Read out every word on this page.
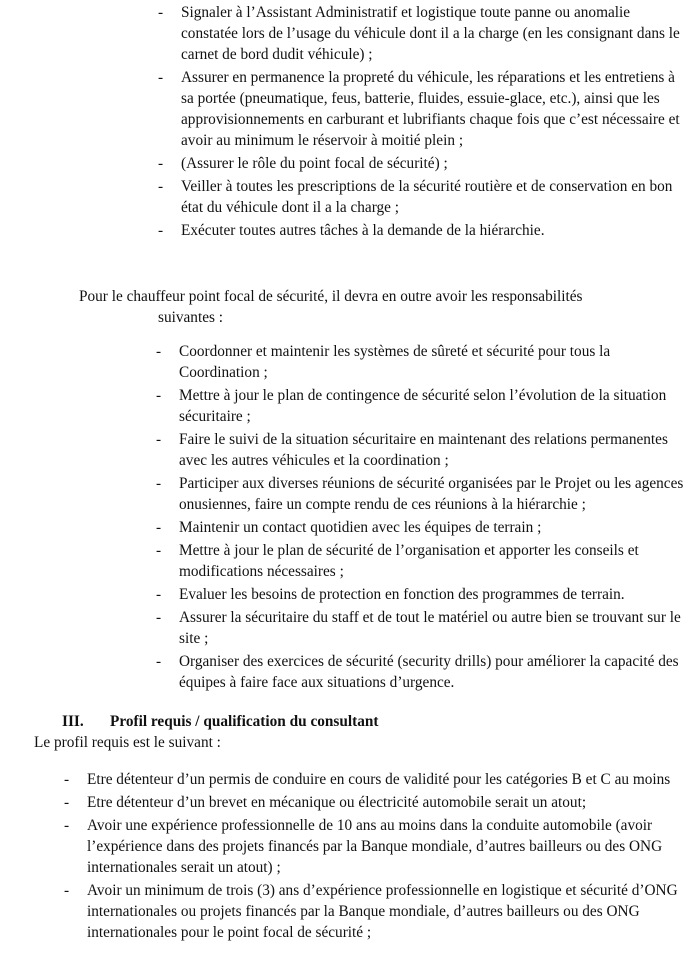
- Signaler à l’Assistant Administratif et logistique toute panne ou anomalie constatée lors de l’usage du véhicule dont il a la charge (en les consignant dans le carnet de bord dudit véhicule) ;
- Assurer en permanence la propreté du véhicule, les réparations et les entretiens à sa portée (pneumatique, feus, batterie, fluides, essuie-glace, etc.), ainsi que les approvisionnements en carburant et lubrifiants chaque fois que c’est nécessaire et avoir au minimum le réservoir à moitié plein ;
- (Assurer le rôle du point focal de sécurité) ;
- Veiller à toutes les prescriptions de la sécurité routière et de conservation en bon état du véhicule dont il a la charge ;
- Exécuter toutes autres tâches à la demande de la hiérarchie.
Pour le chauffeur point focal de sécurité, il devra en outre avoir les responsabilités
suivantes :
- Coordonner et maintenir les systèmes de sûreté et sécurité pour tous la Coordination ;
- Mettre à jour le plan de contingence de sécurité selon l’évolution de la situation sécuritaire ;
- Faire le suivi de la situation sécuritaire en maintenant des relations permanentes avec les autres véhicules et la coordination ;
- Participer aux diverses réunions de sécurité organisées par le Projet ou les agences onusiennes, faire un compte rendu de ces réunions à la hiérarchie ;
- Maintenir un contact quotidien avec les équipes de terrain ;
- Mettre à jour le plan de sécurité de l’organisation et apporter les conseils et modifications nécessaires ;
- Evaluer les besoins de protection en fonction des programmes de terrain.
- Assurer la sécuritaire du staff et de tout le matériel ou autre bien se trouvant sur le site ;
- Organiser des exercices de sécurité (security drills) pour améliorer la capacité des équipes à faire face aux situations d’urgence.
III. Profil requis / qualification du consultant
Le profil requis est le suivant :
- Etre détenteur d’un permis de conduire en cours de validité pour les catégories B et C au moins
- Etre détenteur d’un brevet en mécanique ou électricité automobile serait un atout;
- Avoir une expérience professionnelle de 10 ans au moins dans la conduite automobile (avoir l’expérience dans des projets financés par la Banque mondiale, d’autres bailleurs ou des ONG internationales serait un atout) ;
- Avoir un minimum de trois (3) ans d’expérience professionnelle en logistique et sécurité d’ONG internationales ou projets financés par la Banque mondiale, d’autres bailleurs ou des ONG internationales pour le point focal de sécurité ;
